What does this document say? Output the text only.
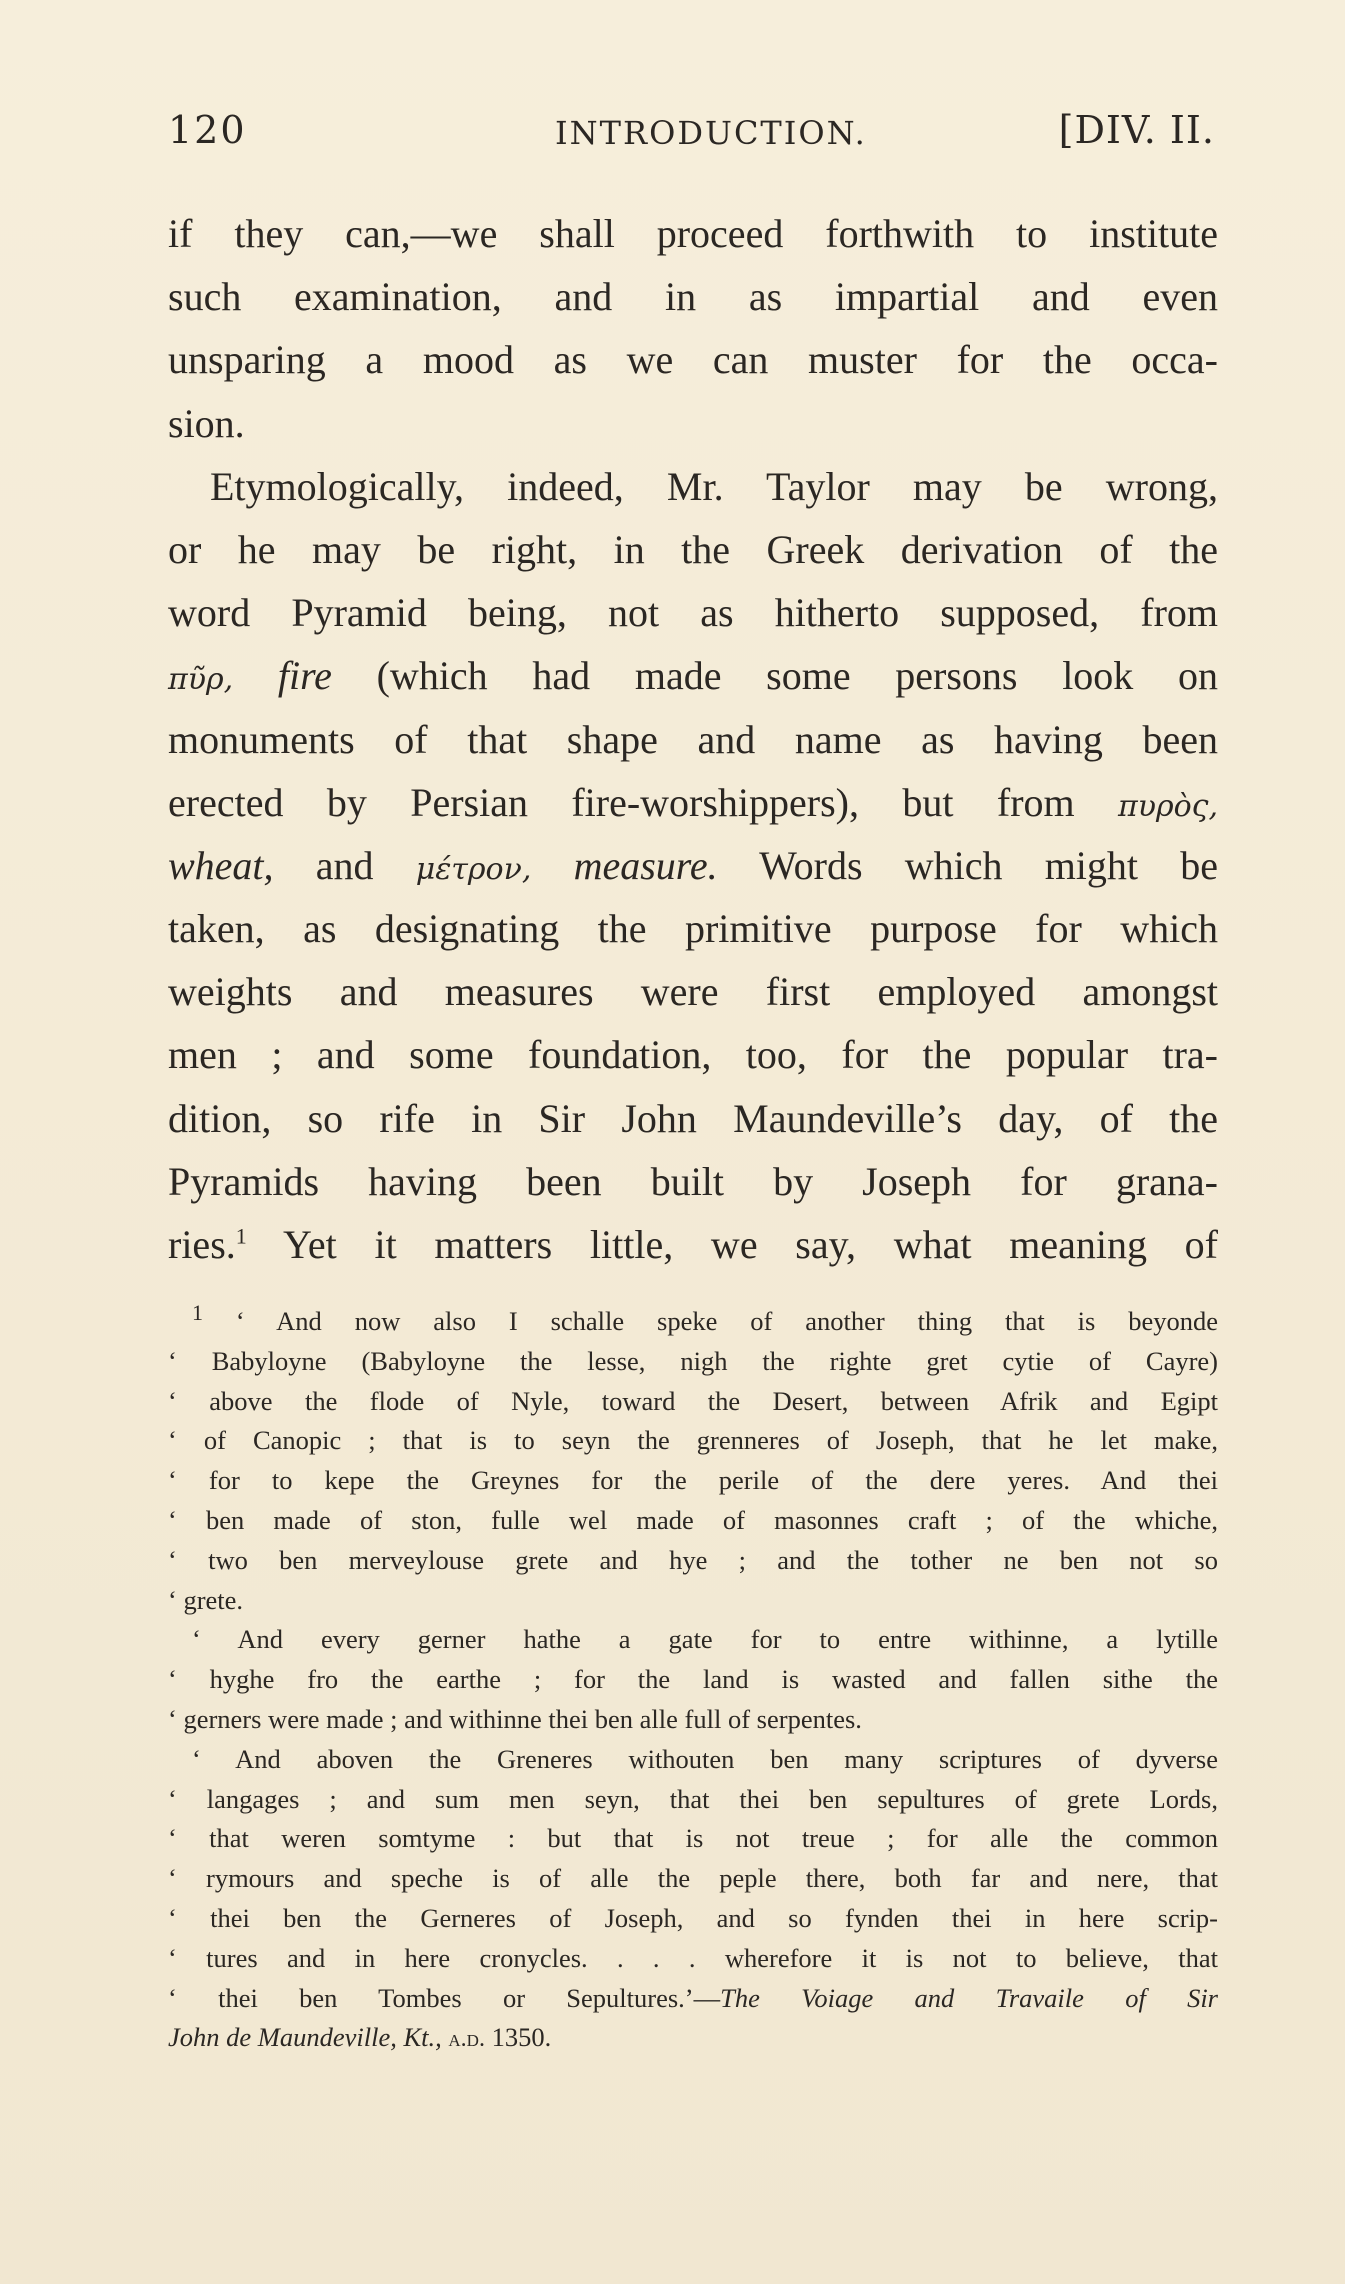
120	INTRODUCTION.	[DIV. II.
if they can,—we shall proceed forthwith to institute
such examination, and in as impartial and even
unsparing a mood as we can muster for the occa-
sion.
Etymologically, indeed, Mr. Taylor may be wrong,
or he may be right, in the Greek derivation of the
word Pyramid being, not as hitherto supposed, from
πῦρ, fire (which had made some persons look on
monuments of that shape and name as having been
erected by Persian fire-worshippers), but from πυρὸς,
wheat, and μέτρον, measure. Words which might be
taken, as designating the primitive purpose for which
weights and measures were first employed amongst
men ; and some foundation, too, for the popular tra-
dition, so rife in Sir John Maundeville’s day, of the
Pyramids having been built by Joseph for grana-
ries.$^1$ Yet it matters little, we say, what meaning of
$^1$ ‘ And now also I schalle speke of another thing that is beyonde
‘ Babyloyne (Babyloyne the lesse, nigh the righte gret cytie of Cayre)
‘ above the flode of Nyle, toward the Desert, between Afrik and Egipt
‘ of Canopic ; that is to seyn the grenneres of Joseph, that he let make,
‘ for to kepe the Greynes for the perile of the dere yeres. And thei
‘ ben made of ston, fulle wel made of masonnes craft ; of the whiche,
‘ two ben merveylouse grete and hye ; and the tother ne ben not so
‘ grete.
‘ And every gerner hathe a gate for to entre withinne, a lytille
‘ hyghe fro the earthe ; for the land is wasted and fallen sithe the
‘ gerners were made ; and withinne thei ben alle full of serpentes.
‘ And aboven the Greneres withouten ben many scriptures of dyverse
‘ langages ; and sum men seyn, that thei ben sepultures of grete Lords,
‘ that weren somtyme : but that is not treue ; for alle the common
‘ rymours and speche is of alle the peple there, both far and nere, that
‘ thei ben the Gerneres of Joseph, and so fynden thei in here scrip-
‘ tures and in here cronycles. . . . wherefore it is not to believe, that
‘ thei ben Tombes or Sepultures.’—The Voiage and Travaile of Sir
John de Maundeville, Kt., a.d. 1350.
